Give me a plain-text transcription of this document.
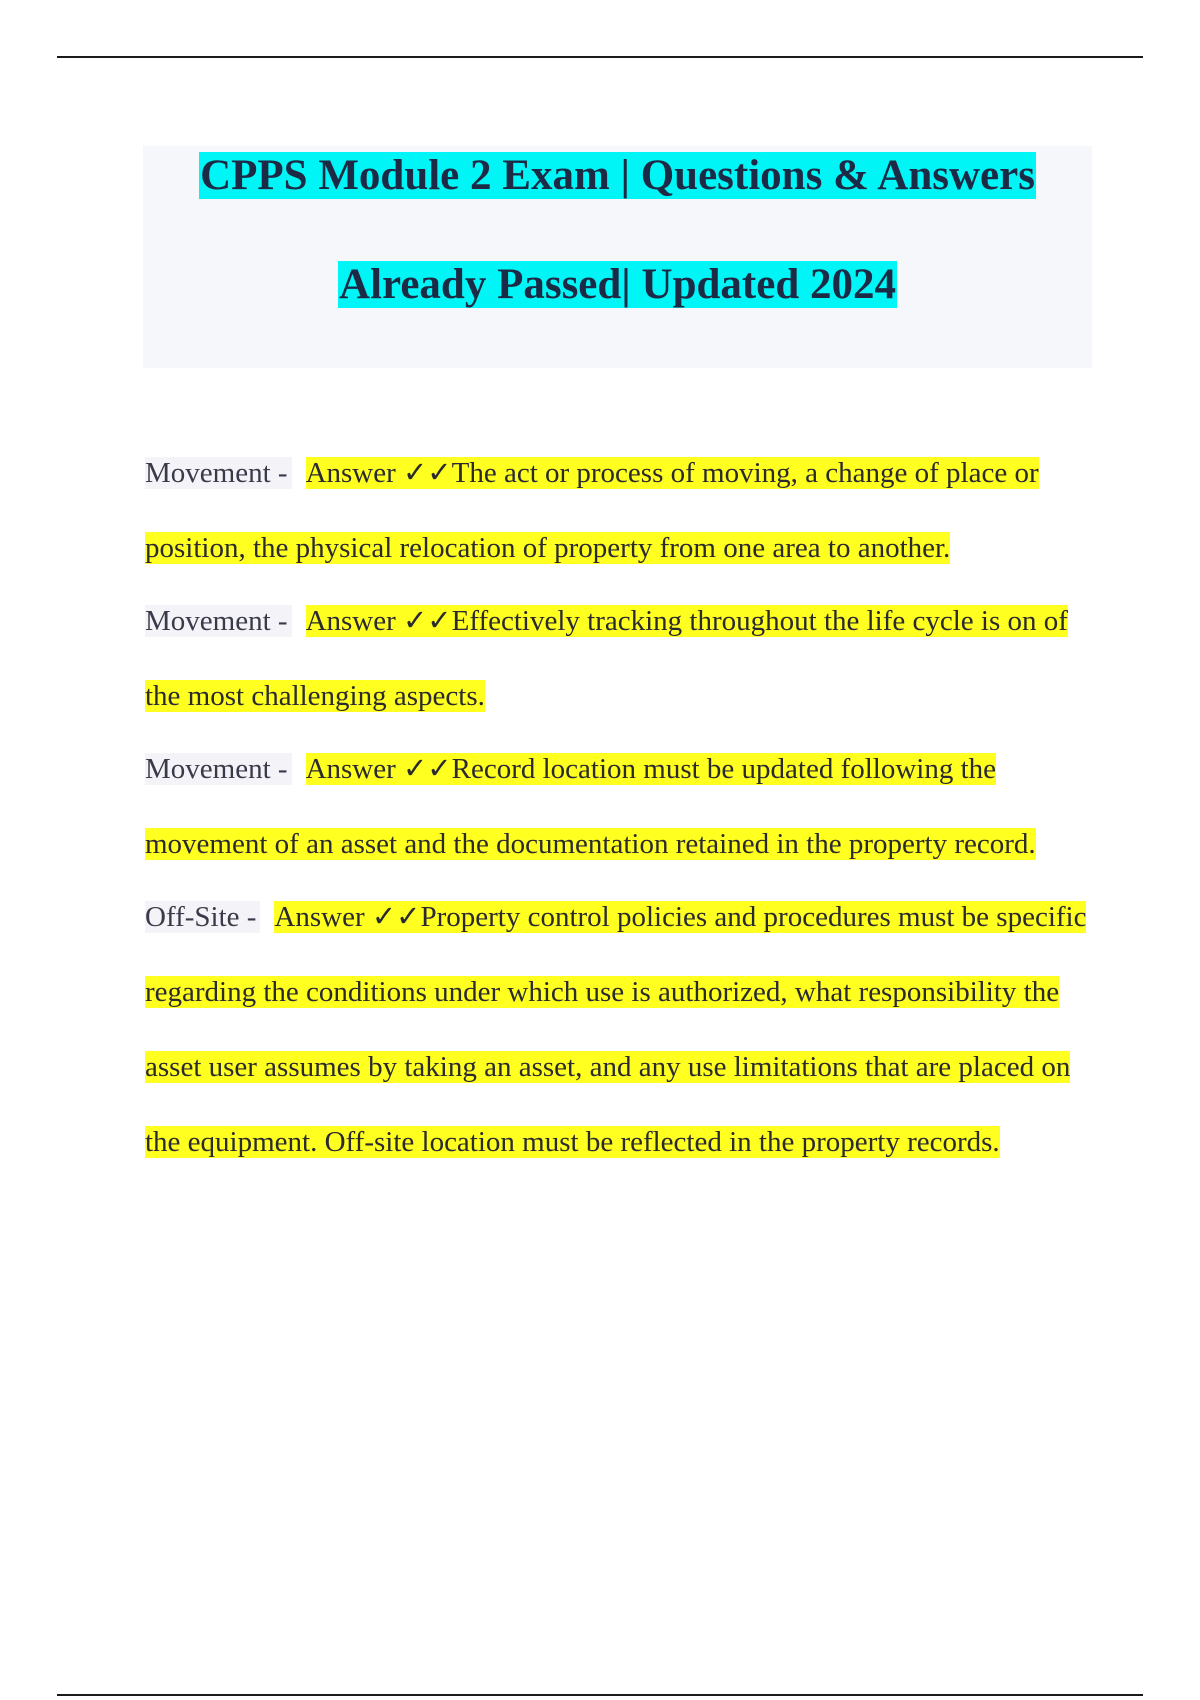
CPPS Module 2 Exam | Questions & Answers
Already Passed| Updated 2024
Movement - Answer ✓✓The act or process of moving, a change of place or position, the physical relocation of property from one area to another.
Movement - Answer ✓✓Effectively tracking throughout the life cycle is on of the most challenging aspects.
Movement - Answer ✓✓Record location must be updated following the movement of an asset and the documentation retained in the property record.
Off-Site - Answer ✓✓Property control policies and procedures must be specific regarding the conditions under which use is authorized, what responsibility the asset user assumes by taking an asset, and any use limitations that are placed on the equipment. Off-site location must be reflected in the property records.
